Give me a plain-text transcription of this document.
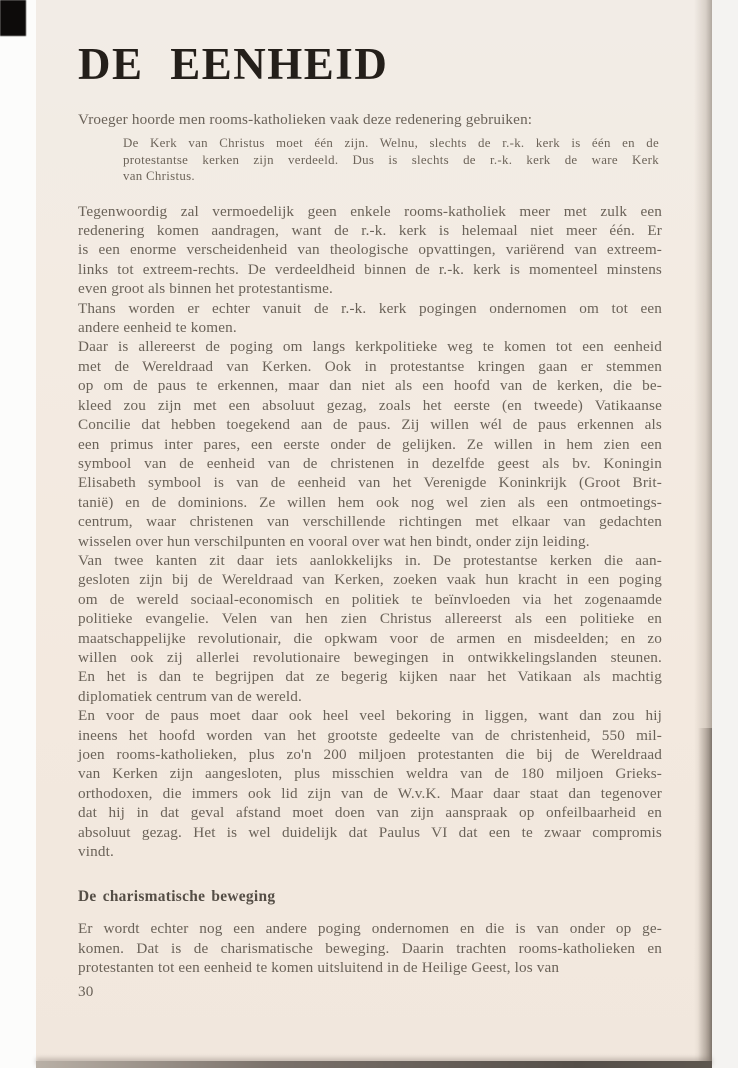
DE EENHEID
Vroeger hoorde men rooms-katholieken vaak deze redenering gebruiken:
De Kerk van Christus moet één zijn. Welnu, slechts de r.-k. kerk is één en de
protestantse kerken zijn verdeeld. Dus is slechts de r.-k. kerk de ware Kerk
van Christus.
Tegenwoordig zal vermoedelijk geen enkele rooms-katholiek meer met zulk een
redenering komen aandragen, want de r.-k. kerk is helemaal niet meer één. Er
is een enorme verscheidenheid van theologische opvattingen, variërend van extreem-
links tot extreem-rechts. De verdeeldheid binnen de r.-k. kerk is momenteel minstens
even groot als binnen het protestantisme.
Thans worden er echter vanuit de r.-k. kerk pogingen ondernomen om tot een
andere eenheid te komen.
Daar is allereerst de poging om langs kerkpolitieke weg te komen tot een eenheid
met de Wereldraad van Kerken. Ook in protestantse kringen gaan er stemmen
op om de paus te erkennen, maar dan niet als een hoofd van de kerken, die be-
kleed zou zijn met een absoluut gezag, zoals het eerste (en tweede) Vatikaanse
Concilie dat hebben toegekend aan de paus. Zij willen wél de paus erkennen als
een primus inter pares, een eerste onder de gelijken. Ze willen in hem zien een
symbool van de eenheid van de christenen in dezelfde geest als bv. Koningin
Elisabeth symbool is van de eenheid van het Verenigde Koninkrijk (Groot Brit-
tanië) en de dominions. Ze willen hem ook nog wel zien als een ontmoetings-
centrum, waar christenen van verschillende richtingen met elkaar van gedachten
wisselen over hun verschilpunten en vooral over wat hen bindt, onder zijn leiding.
Van twee kanten zit daar iets aanlokkelijks in. De protestantse kerken die aan-
gesloten zijn bij de Wereldraad van Kerken, zoeken vaak hun kracht in een poging
om de wereld sociaal-economisch en politiek te beïnvloeden via het zogenaamde
politieke evangelie. Velen van hen zien Christus allereerst als een politieke en
maatschappelijke revolutionair, die opkwam voor de armen en misdeelden; en zo
willen ook zij allerlei revolutionaire bewegingen in ontwikkelingslanden steunen.
En het is dan te begrijpen dat ze begerig kijken naar het Vatikaan als machtig
diplomatiek centrum van de wereld.
En voor de paus moet daar ook heel veel bekoring in liggen, want dan zou hij
ineens het hoofd worden van het grootste gedeelte van de christenheid, 550 mil-
joen rooms-katholieken, plus zo'n 200 miljoen protestanten die bij de Wereldraad
van Kerken zijn aangesloten, plus misschien weldra van de 180 miljoen Grieks-
orthodoxen, die immers ook lid zijn van de W.v.K. Maar daar staat dan tegenover
dat hij in dat geval afstand moet doen van zijn aanspraak op onfeilbaarheid en
absoluut gezag. Het is wel duidelijk dat Paulus VI dat een te zwaar compromis
vindt.
De charismatische beweging
Er wordt echter nog een andere poging ondernomen en die is van onder op ge-
komen. Dat is de charismatische beweging. Daarin trachten rooms-katholieken en
protestanten tot een eenheid te komen uitsluitend in de Heilige Geest, los van
30
